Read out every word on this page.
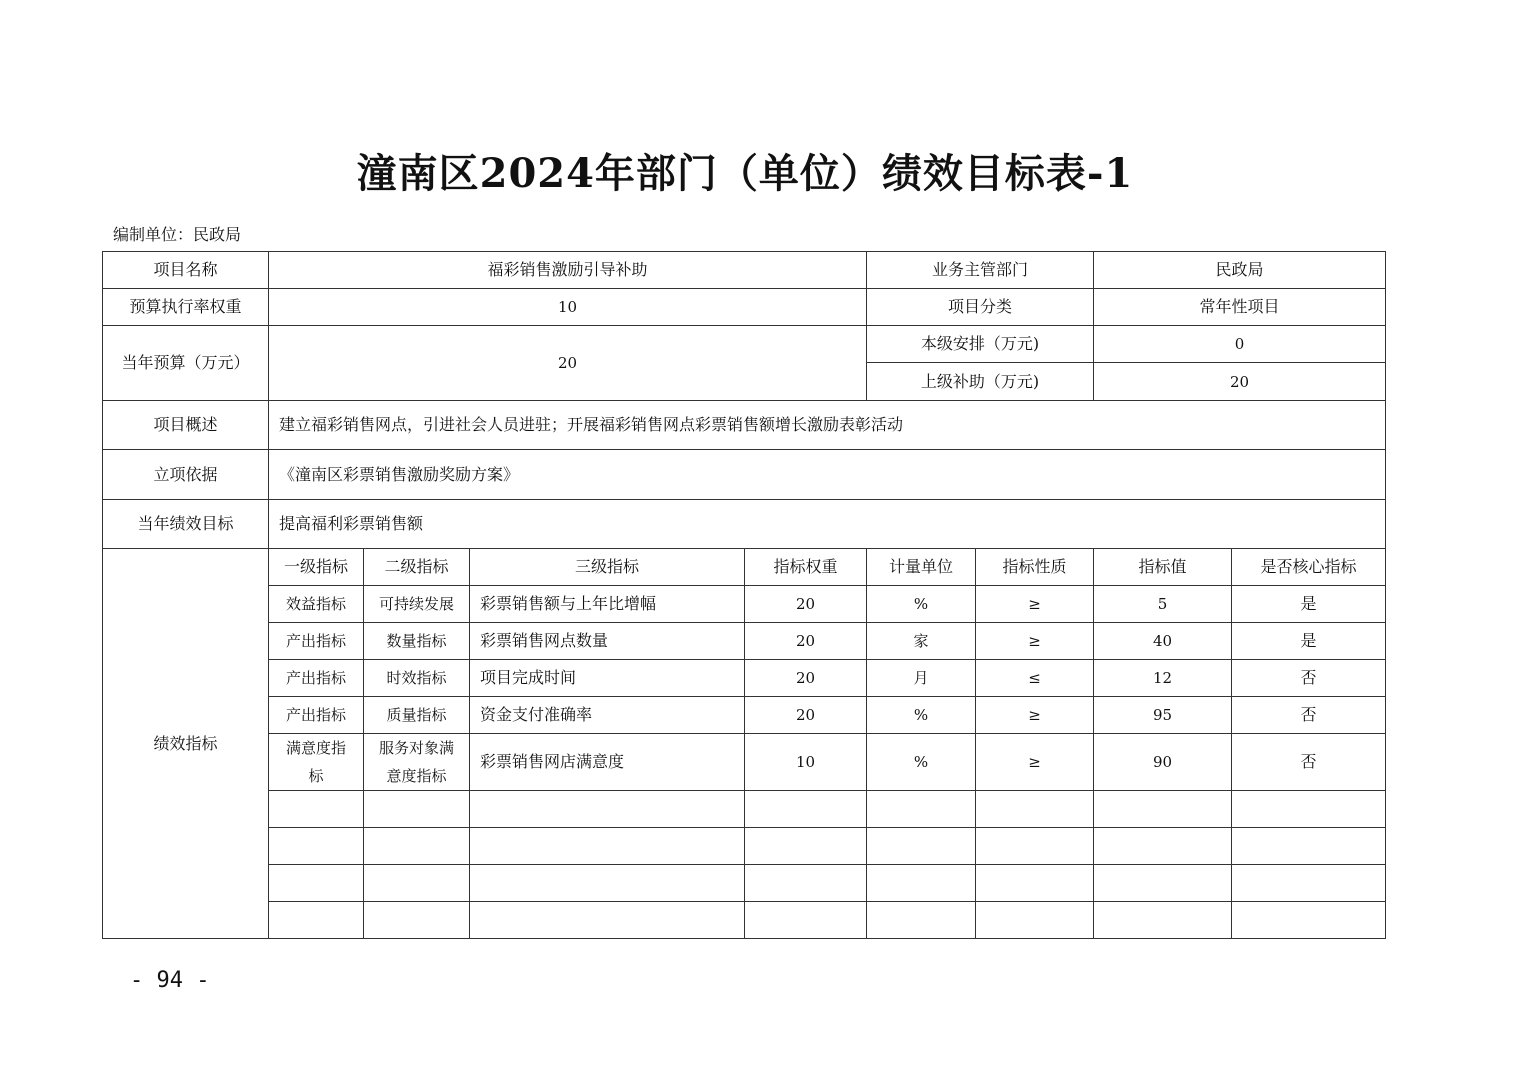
潼南区2024年部门（单位）绩效目标表-1
编制单位：民政局
项目名称	福彩销售激励引导补助				业务主管部门		民政局	
预算执行率权重	10				项目分类		常年性项目	
当年预算（万元）	20				本级安排（万元)		0	
					上级补助（万元)		20	
项目概述	建立福彩销售网点，引进社会人员进驻；开展福彩销售网点彩票销售额增长激励表彰活动							
立项依据	《潼南区彩票销售激励奖励方案》							
当年绩效目标	提高福利彩票销售额							
绩效指标	一级指标	二级指标	三级指标	指标权重	计量单位	指标性质	指标值	是否核心指标
	效益指标	可持续发展	彩票销售额与上年比增幅	20	%	≥	5	是
	产出指标	数量指标	彩票销售网点数量	20	家	≥	40	是
	产出指标	时效指标	项目完成时间	20	月	≤	12	否
	产出指标	质量指标	资金支付准确率	20	%	≥	95	否
	满意度指标	服务对象满意度指标	彩票销售网店满意度	10	%	≥	90	否

- 94 -
